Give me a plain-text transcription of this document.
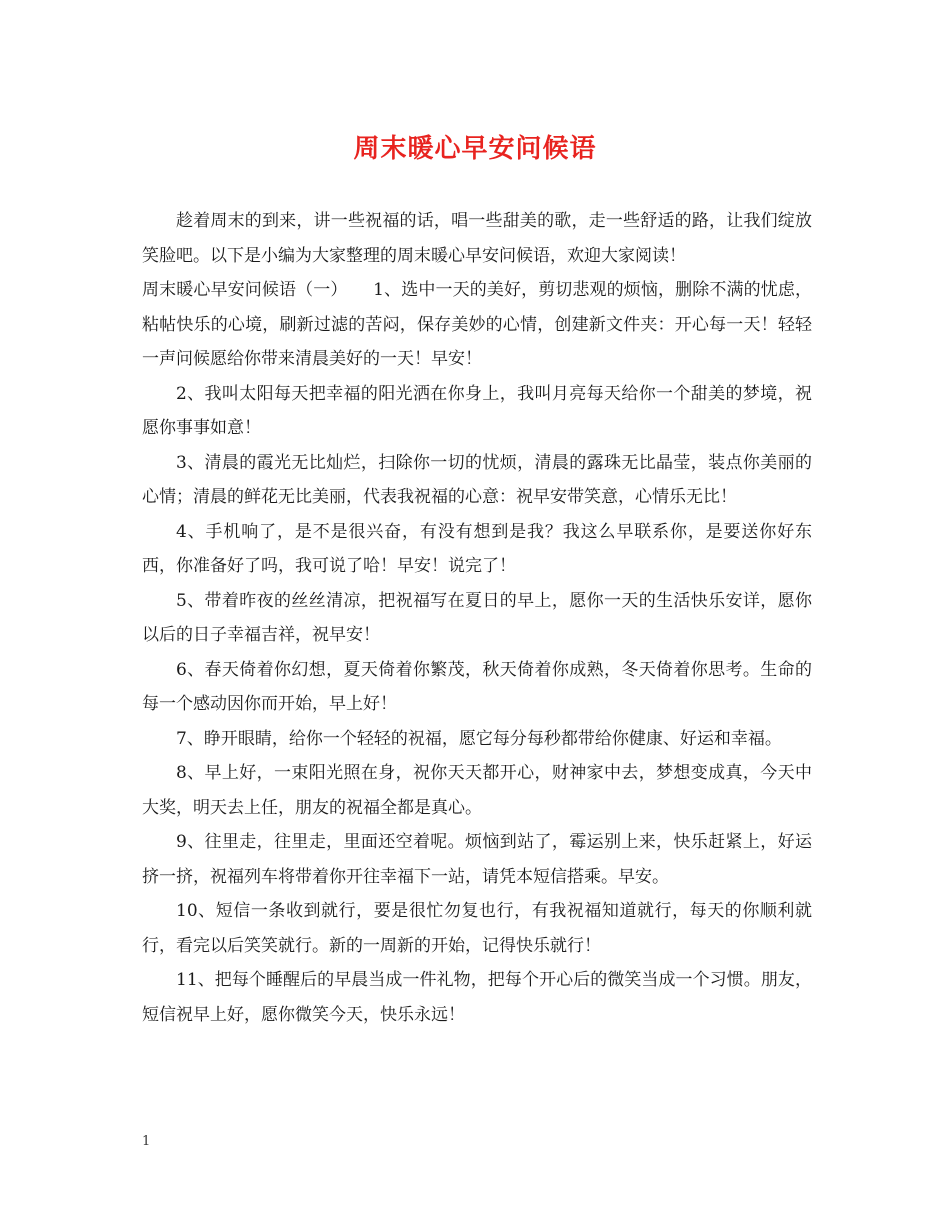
周末暖心早安问候语

趁着周末的到来，讲一些祝福的话，唱一些甜美的歌，走一些舒适的路，让我们绽放笑脸吧。以下是小编为大家整理的周末暖心早安问候语，欢迎大家阅读！

周末暖心早安问候语（一）　　1、选中一天的美好，剪切悲观的烦恼，删除不满的忧虑，粘帖快乐的心境，刷新过滤的苦闷，保存美妙的心情，创建新文件夹：开心每一天！轻轻一声问候愿给你带来清晨美好的一天！早安！

2、我叫太阳每天把幸福的阳光洒在你身上，我叫月亮每天给你一个甜美的梦境，祝愿你事事如意！

3、清晨的霞光无比灿烂，扫除你一切的忧烦，清晨的露珠无比晶莹，装点你美丽的心情；清晨的鲜花无比美丽，代表我祝福的心意：祝早安带笑意，心情乐无比！

4、手机响了，是不是很兴奋，有没有想到是我？我这么早联系你，是要送你好东西，你准备好了吗，我可说了哈！早安！说完了！

5、带着昨夜的丝丝清凉，把祝福写在夏日的早上，愿你一天的生活快乐安详，愿你以后的日子幸福吉祥，祝早安！

6、春天倚着你幻想，夏天倚着你繁茂，秋天倚着你成熟，冬天倚着你思考。生命的每一个感动因你而开始，早上好！

7、睁开眼睛，给你一个轻轻的祝福，愿它每分每秒都带给你健康、好运和幸福。

8、早上好，一束阳光照在身，祝你天天都开心，财神家中去，梦想变成真，今天中大奖，明天去上任，朋友的祝福全都是真心。

9、往里走，往里走，里面还空着呢。烦恼到站了，霉运别上来，快乐赶紧上，好运挤一挤，祝福列车将带着你开往幸福下一站，请凭本短信搭乘。早安。

10、短信一条收到就行，要是很忙勿复也行，有我祝福知道就行，每天的你顺利就行，看完以后笑笑就行。新的一周新的开始，记得快乐就行！

11、把每个睡醒后的早晨当成一件礼物，把每个开心后的微笑当成一个习惯。朋友，短信祝早上好，愿你微笑今天，快乐永远！

1
